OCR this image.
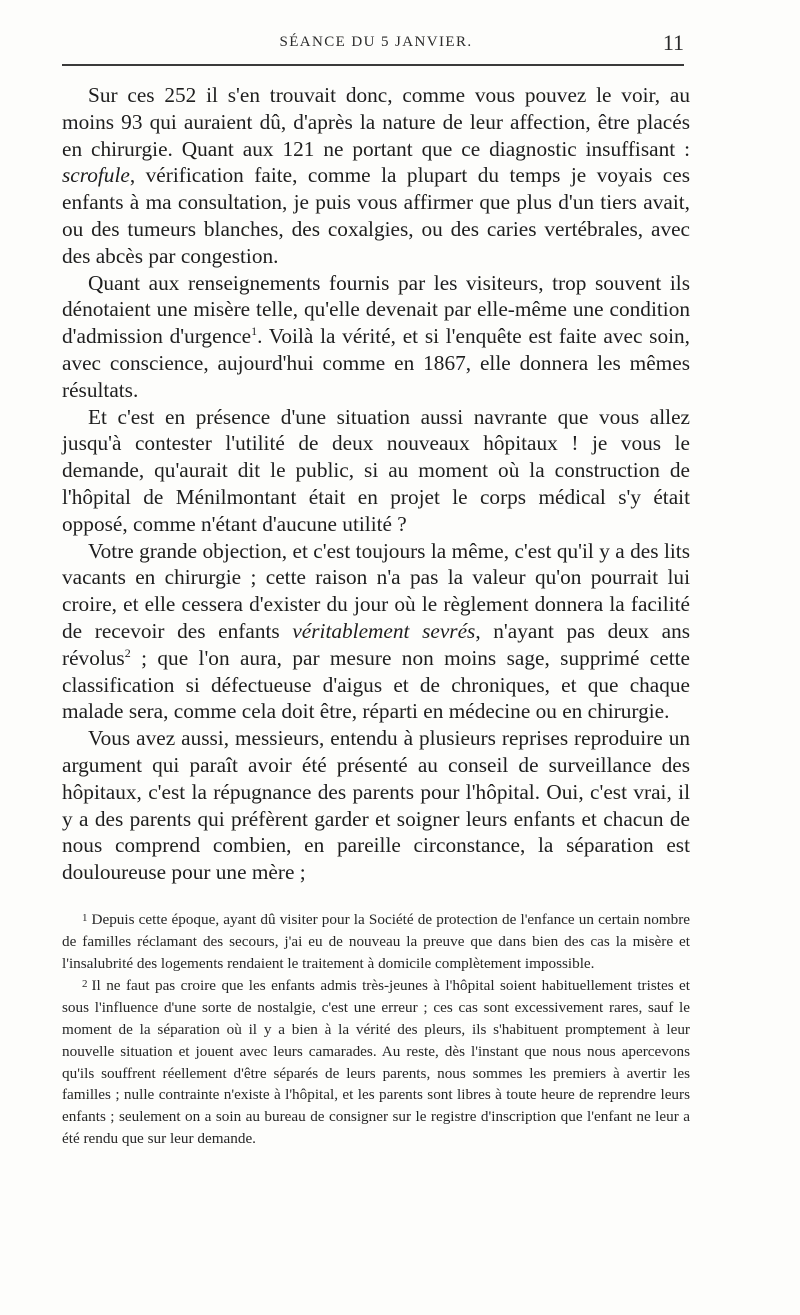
SÉANCE DU 5 JANVIER.	11

Sur ces 252 il s'en trouvait donc, comme vous pouvez le voir, au moins 93 qui auraient dû, d'après la nature de leur affection, être placés en chirurgie. Quant aux 121 ne portant que ce diagnostic insuffisant : scrofule, vérification faite, comme la plupart du temps je voyais ces enfants à ma consultation, je puis vous affirmer que plus d'un tiers avait, ou des tumeurs blanches, des coxalgies, ou des caries vertébrales, avec des abcès par congestion.

Quant aux renseignements fournis par les visiteurs, trop souvent ils dénotaient une misère telle, qu'elle devenait par elle-même une condition d'admission d'urgence$^1$. Voilà la vérité, et si l'enquête est faite avec soin, avec conscience, aujourd'hui comme en 1867, elle donnera les mêmes résultats.

Et c'est en présence d'une situation aussi navrante que vous allez jusqu'à contester l'utilité de deux nouveaux hôpitaux ! je vous le demande, qu'aurait dit le public, si au moment où la construction de l'hôpital de Ménilmontant était en projet le corps médical s'y était opposé, comme n'étant d'aucune utilité ?

Votre grande objection, et c'est toujours la même, c'est qu'il y a des lits vacants en chirurgie ; cette raison n'a pas la valeur qu'on pourrait lui croire, et elle cessera d'exister du jour où le règlement donnera la facilité de recevoir des enfants véritablement sevrés, n'ayant pas deux ans révolus$^2$ ; que l'on aura, par mesure non moins sage, supprimé cette classification si défectueuse d'aigus et de chroniques, et que chaque malade sera, comme cela doit être, réparti en médecine ou en chirurgie.

Vous avez aussi, messieurs, entendu à plusieurs reprises reproduire un argument qui paraît avoir été présenté au conseil de surveillance des hôpitaux, c'est la répugnance des parents pour l'hôpital. Oui, c'est vrai, il y a des parents qui préfèrent garder et soigner leurs enfants et chacun de nous comprend combien, en pareille circonstance, la séparation est douloureuse pour une mère ;

1 Depuis cette époque, ayant dû visiter pour la Société de protection de l'enfance un certain nombre de familles réclamant des secours, j'ai eu de nouveau la preuve que dans bien des cas la misère et l'insalubrité des logements rendaient le traitement à domicile complètement impossible.

2 Il ne faut pas croire que les enfants admis très-jeunes à l'hôpital soient habituellement tristes et sous l'influence d'une sorte de nostalgie, c'est une erreur ; ces cas sont excessivement rares, sauf le moment de la séparation où il y a bien à la vérité des pleurs, ils s'habituent promptement à leur nouvelle situation et jouent avec leurs camarades. Au reste, dès l'instant que nous nous apercevons qu'ils souffrent réellement d'être séparés de leurs parents, nous sommes les premiers à avertir les familles ; nulle contrainte n'existe à l'hôpital, et les parents sont libres à toute heure de reprendre leurs enfants ; seulement on a soin au bureau de consigner sur le registre d'inscription que l'enfant ne leur a été rendu que sur leur demande.
